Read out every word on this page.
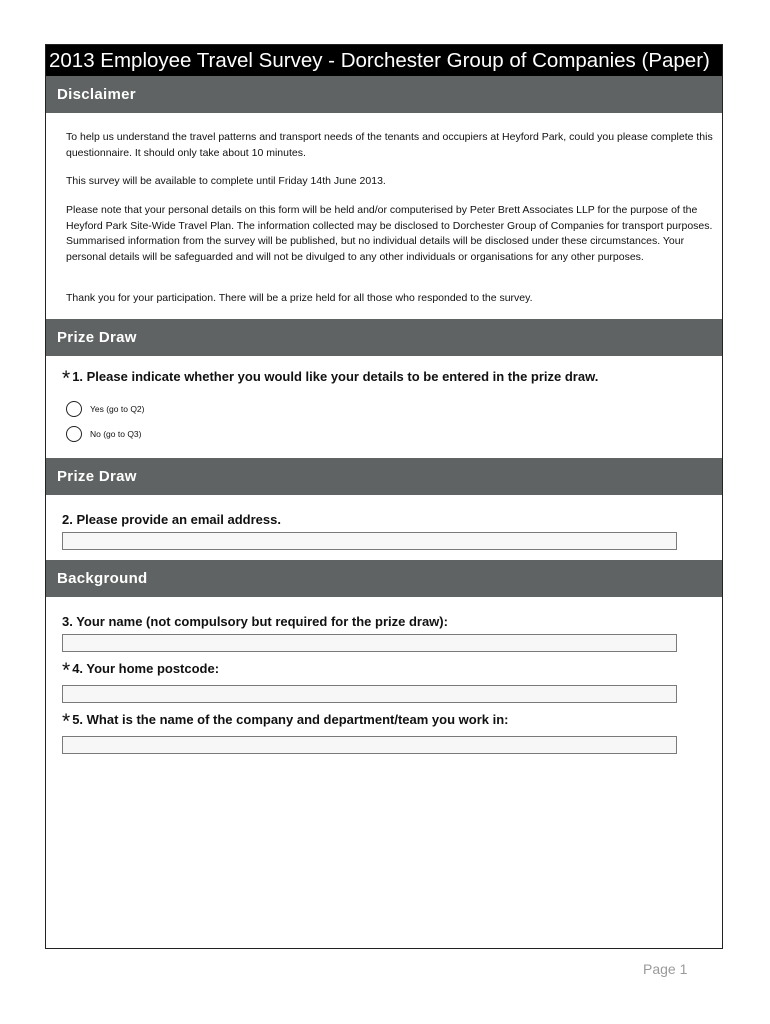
2013 Employee Travel Survey - Dorchester Group of Companies (Paper)
Disclaimer

To help us understand the travel patterns and transport needs of the tenants and occupiers at Heyford Park, could you please complete this questionnaire. It should only take about 10 minutes.

This survey will be available to complete until Friday 14th June 2013.

Please note that your personal details on this form will be held and/or computerised by Peter Brett Associates LLP for the purpose of the Heyford Park Site-Wide Travel Plan. The information collected may be disclosed to Dorchester Group of Companies for transport purposes. Summarised information from the survey will be published, but no individual details will be disclosed under these circumstances. Your personal details will be safeguarded and will not be divulged to any other individuals or organisations for any other purposes.

Thank you for your participation. There will be a prize held for all those who responded to the survey.

Prize Draw
* 1. Please indicate whether you would like your details to be entered in the prize draw.
Yes (go to Q2)
No (go to Q3)
Prize Draw
2. Please provide an email address.
Background
3. Your name (not compulsory but required for the prize draw):
* 4. Your home postcode:
* 5. What is the name of the company and department/team you work in:
Page 1
